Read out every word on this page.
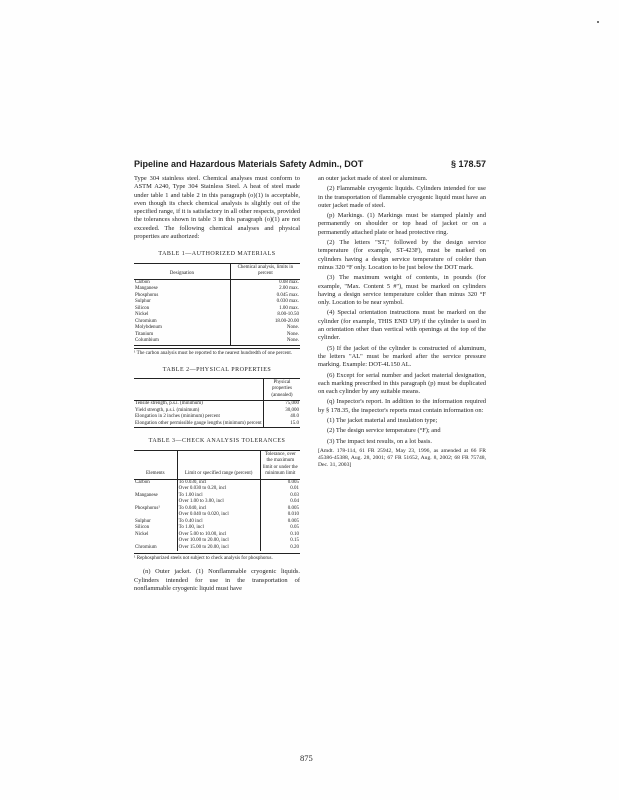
Pipeline and Hazardous Materials Safety Admin., DOT	§ 178.57

Type 304 stainless steel. Chemical analyses must conform to ASTM A240, Type 304 Stainless Steel. A heat of steel made under table 1 and table 2 in this paragraph (o)(1) is acceptable, even though its check chemical analysis is slightly out of the specified range, if it is satisfactory in all other respects, provided the tolerances shown in table 3 in this paragraph (o)(1) are not exceeded. The following chemical analyses and physical properties are authorized:

TABLE 1—AUTHORIZED MATERIALS
Designation	Chemical analysis, limits in percent
Carbon	0.08 max.
Manganese	2.00 max.
Phosphorus	0.045 max.
Sulphur	0.030 max.
Silicon	1.00 max.
Nickel	8.00-10.50
Chromium	18.00-20.00
Molybdenum	None.
Titanium	None.
Columbium	None.
¹ The carbon analysis must be reported to the nearest hundredth of one percent.
TABLE 2—PHYSICAL PROPERTIES
	Physical properties (annealed)
Tensile strength, p.s.i. (minimum)	75,000
Yield strength, p.s.i. (minimum)	30,000
Elongation in 2 inches (minimum) percent	40.0
Elongation other permissible gauge lengths (minimum) percent	15.0
TABLE 3—CHECK ANALYSIS TOLERANCES
Elements	Limit or specified range (percent)	Tolerance, over the maximum limit or under the minimum limit
Carbon	To 0.030, incl	0.005
	Over 0.030 to 0.20, incl	0.01
Manganese	To 1.00 incl	0.03
	Over 1.00 to 3.00, incl	0.04
Phosphorus¹	To 0.040, incl	0.005
	Over 0.040 to 0.020, incl	0.010
Sulphur	To 0.40 incl	0.005
Silicon	To 1.00, incl	0.05
Nickel	Over 5.00 to 10.00, incl	0.10
	Over 10.00 to 20.00, incl	0.15
Chromium	Over 15.00 to 20.00, incl	0.20
¹ Rephosphorized steels not subject to check analysis for phosphorus.

(n) Outer jacket. (1) Nonflammable cryogenic liquids. Cylinders intended for use in the transportation of nonflammable cryogenic liquid must have

an outer jacket made of steel or aluminum.

(2) Flammable cryogenic liquids. Cylinders intended for use in the transportation of flammable cryogenic liquid must have an outer jacket made of steel.

(p) Markings. (1) Markings must be stamped plainly and permanently on shoulder or top head of jacket or on a permanently attached plate or head protective ring.

(2) The letters "ST," followed by the design service temperature (for example, ST-423F), must be marked on cylinders having a design service temperature of colder than minus 320 °F only. Location to be just below the DOT mark.

(3) The maximum weight of contents, in pounds (for example, "Max. Content 5 #"), must be marked on cylinders having a design service temperature colder than minus 320 °F only. Location to be near symbol.

(4) Special orientation instructions must be marked on the cylinder (for example, THIS END UP) if the cylinder is used in an orientation other than vertical with openings at the top of the cylinder.

(5) If the jacket of the cylinder is constructed of aluminum, the letters "AL" must be marked after the service pressure marking. Example: DOT-4L150 AL.

(6) Except for serial number and jacket material designation, each marking prescribed in this paragraph (p) must be duplicated on each cylinder by any suitable means.

(q) Inspector's report. In addition to the information required by § 178.35, the inspector's reports must contain information on:

(1) The jacket material and insulation type;

(2) The design service temperature (°F); and

(3) The impact test results, on a lot basis.

[Amdt. 178-114, 61 FR 25942, May 23, 1996, as amended at 66 FR 45386-45388, Aug. 28, 2001; 67 FR 51652, Aug. 8, 2002; 68 FR 75748, Dec. 31, 2003]

875
